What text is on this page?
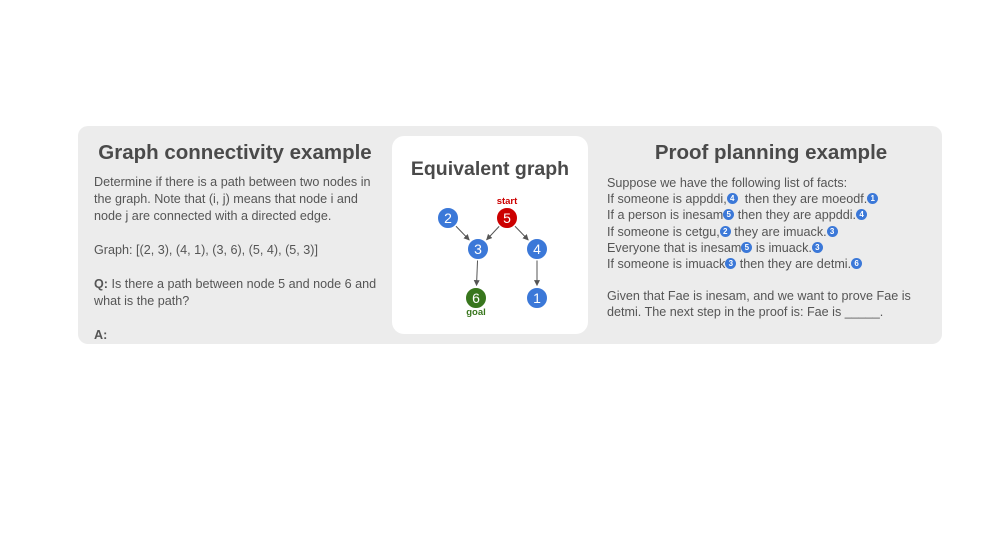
Graph connectivity example

Determine if there is a path between two nodes in the graph. Note that (i, j) means that node i and node j are connected with a directed edge.

Graph: [(2, 3), (4, 1), (3, 6), (5, 4), (5, 3)]

Q: Is there a path between node 5 and node 6 and what is the path?

A:

Equivalent graph
2	5
3	4
6	1
start
goal
Proof planning example

Suppose we have the following list of facts:

If someone is appddi, 4  then they are moeodf. 1

If a person is inesam 5 then they are appddi. 4

If someone is cetgu, 2 they are imuack. 3

Everyone that is inesam 5 is imuack. 3

If someone is imuack 3 then they are detmi. 6

Given that Fae is inesam, and we want to prove Fae is detmi. The next step in the proof is: Fae is _____.
